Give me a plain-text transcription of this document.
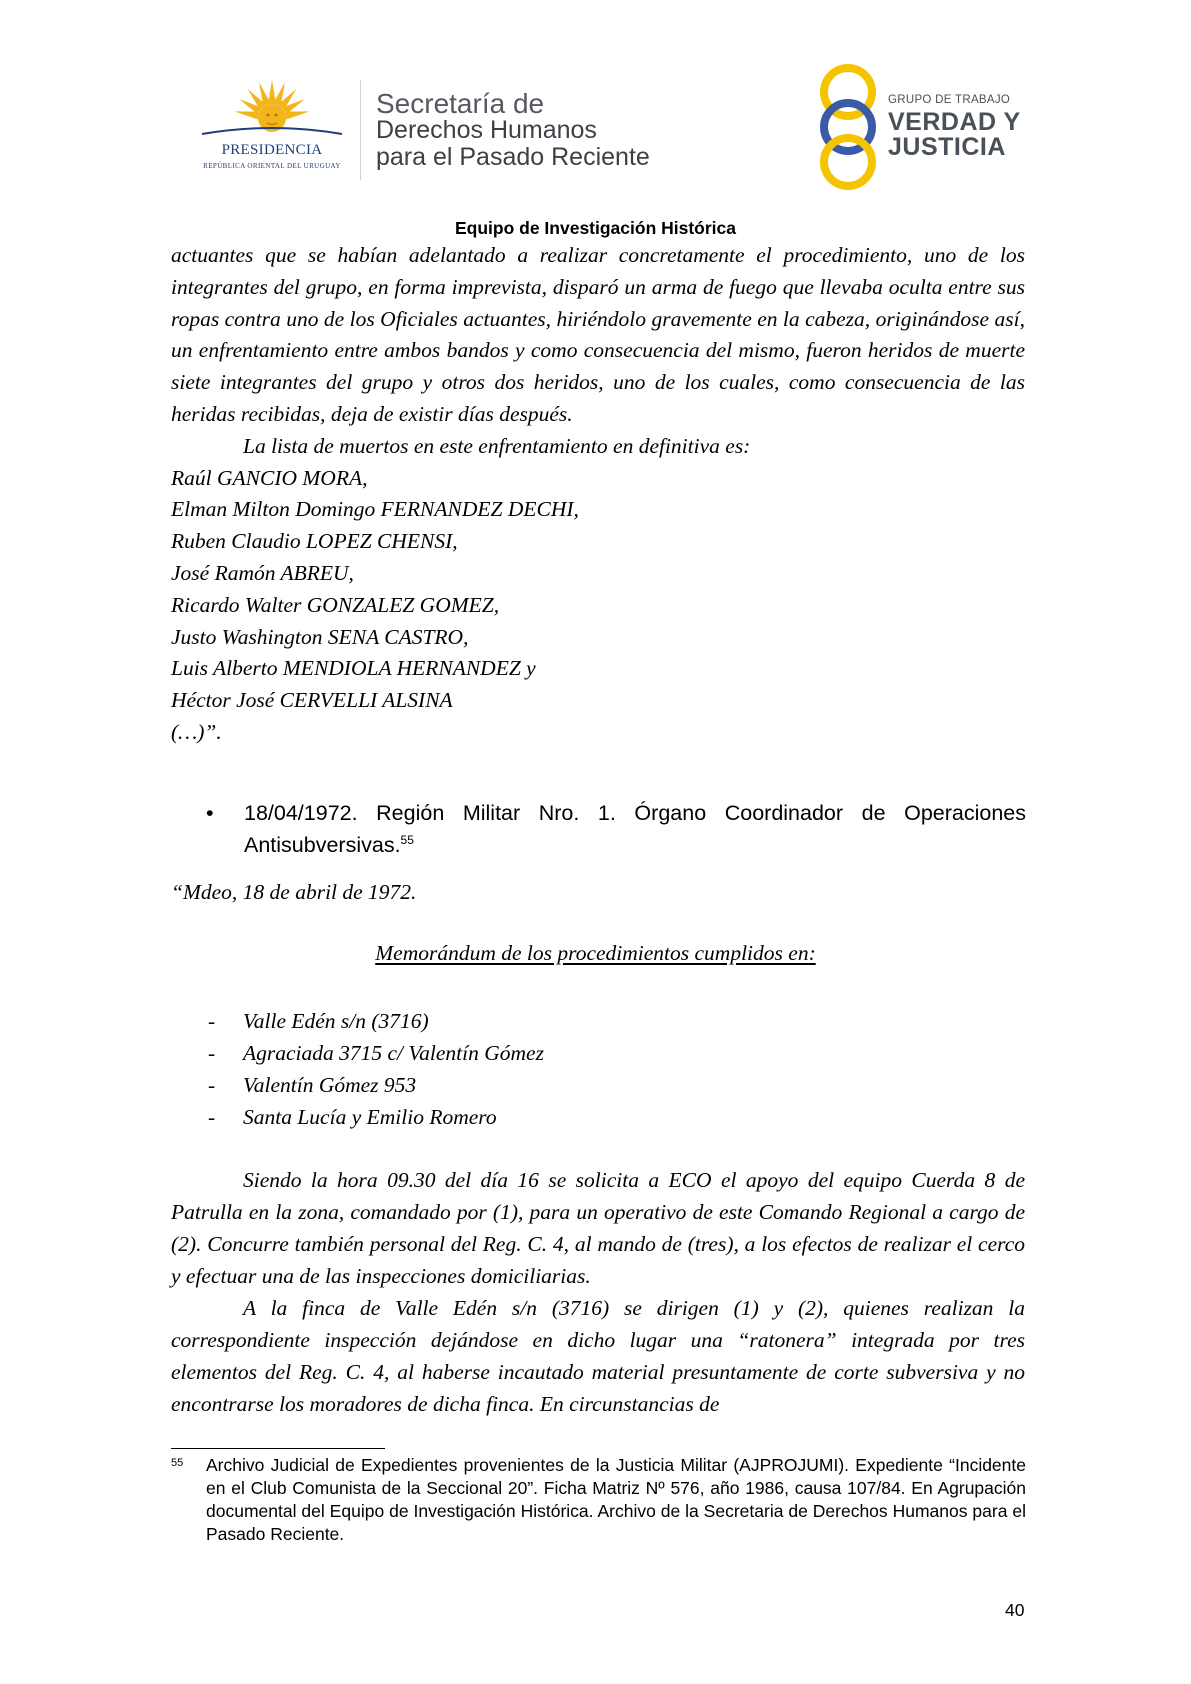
PRESIDENCIA
REPÚBLICA ORIENTAL DEL URUGUAY
Secretaría de
Derechos Humanos
para el Pasado Reciente
GRUPO DE TRABAJO
VERDAD Y
JUSTICIA
Equipo de Investigación Histórica

actuantes que se habían adelantado a realizar concretamente el procedimiento, uno de los integrantes del grupo, en forma imprevista, disparó un arma de fuego que llevaba oculta entre sus ropas contra uno de los Oficiales actuantes, hiriéndolo gravemente en la cabeza, originándose así, un enfrentamiento entre ambos bandos y como consecuencia del mismo, fueron heridos de muerte siete integrantes del grupo y otros dos heridos, uno de los cuales, como consecuencia de las heridas recibidas, deja de existir días después.

La lista de muertos en este enfrentamiento en definitiva es:

Raúl GANCIO MORA,

Elman Milton Domingo FERNANDEZ DECHI,

Ruben Claudio LOPEZ CHENSI,

José Ramón ABREU,

Ricardo Walter GONZALEZ GOMEZ,

Justo Washington SENA CASTRO,

Luis Alberto MENDIOLA HERNANDEZ y

Héctor José CERVELLI ALSINA

(…)”.

• 18/04/1972. Región Militar Nro. 1. Órgano Coordinador de Operaciones Antisubversivas.$^{55}$
“Mdeo, 18 de abril de 1972.
Memorándum de los procedimientos cumplidos en:
- Valle Edén s/n (3716)
- Agraciada 3715 c/ Valentín Gómez
- Valentín Gómez 953
- Santa Lucía y Emilio Romero

Siendo la hora 09.30 del día 16 se solicita a ECO el apoyo del equipo Cuerda 8 de Patrulla en la zona, comandado por (1), para un operativo de este Comando Regional a cargo de (2). Concurre también personal del Reg. C. 4, al mando de (tres), a los efectos de realizar el cerco y efectuar una de las inspecciones domiciliarias.

A la finca de Valle Edén s/n (3716) se dirigen (1) y (2), quienes realizan la correspondiente inspección dejándose en dicho lugar una “ratonera” integrada por tres elementos del Reg. C. 4, al haberse incautado material presuntamente de corte subversiva y no encontrarse los moradores de dicha finca. En circunstancias de

55 Archivo Judicial de Expedientes provenientes de la Justicia Militar (AJPROJUMI). Expediente “Incidente en el Club Comunista de la Seccional 20”. Ficha Matriz Nº 576, año 1986, causa 107/84. En Agrupación documental del Equipo de Investigación Histórica. Archivo de la Secretaria de Derechos Humanos para el Pasado Reciente.
40
